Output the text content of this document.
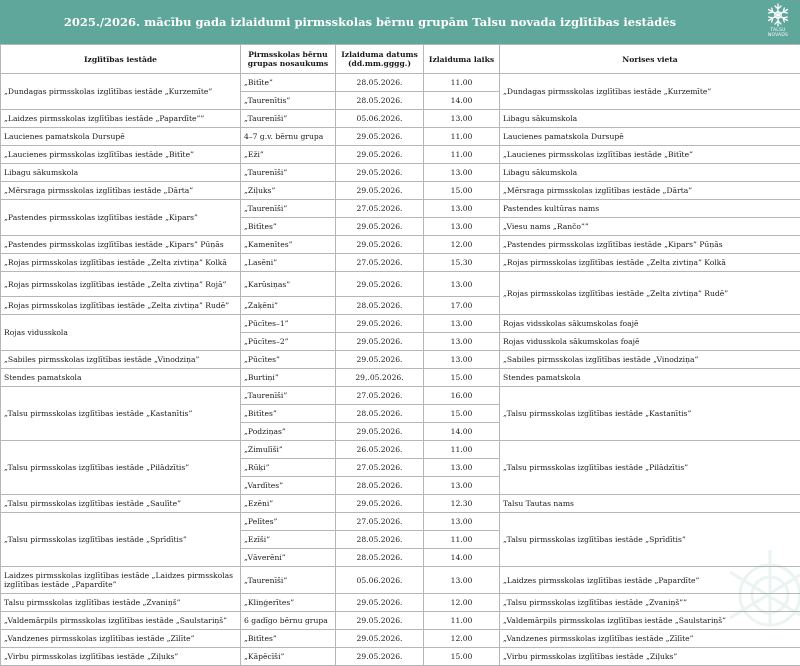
2025./2026. mācību gada izlaidumi pirmsskolas bērnu grupām Talsu novada izglītības iestādēs
TALSU
NOVADS
Izglītības iestāde	Pirmsskolas bērnu grupas nosaukums	Izlaiduma datums (dd.mm.gggg.)	Izlaiduma laiks	Norises vieta
„Dundagas pirmsskolas izglītības iestāde „Kurzemīte”	„Bitīte”	28.05.2026.	11.00	„Dundagas pirmsskolas izglītības iestāde „Kurzemīte”
	„Taurenītis”	28.05.2026.	14.00	
„Laidzes pirmsskolas izglītības iestāde „Papardīte””	„Taurenīši”	05.06.2026.	13.00	Libagu sākumskola
Laucienes pamatskola Dursupē	4–7 g.v. bērnu grupa	29.05.2026.	11.00	Laucienes pamatskola Dursupē
„Laucienes pirmsskolas izglītības iestāde „Bitīte”	„Eži”	29.05.2026.	11.00	„Laucienes pirmsskolas izglītības iestāde „Bitīte”
Libagu sākumskola	„Taurenīši”	29.05.2026.	13.00	Libagu sākumskola
„Mērsraga pirmsskolas izglītības iestāde „Dārta”	„Ziļuks”	29.05.2026.	15.00	„Mērsraga pirmsskolas izglītības iestāde „Dārta”
„Pastendes pirmsskolas izglītības iestāde „Kipars”	„Taurenīši”	27.05.2026.	13.00	Pastendes kultūras nams
	„Bitītes”	29.05.2026.	13.00	„Viesu nams „Rančo””
„Pastendes pirmsskolas izglītības iestāde „Kipars” Pūņās	„Kamenītes”	29.05.2026.	12.00	„Pastendes pirmsskolas izglītības iestāde „Kipars” Pūņās
„Rojas pirmsskolas izglītības iestāde „Zelta zivtiņa” Kolkā	„Lasēni”	27.05.2026.	15.30	„Rojas pirmsskolas izglītības iestāde „Zelta zivtiņa” Kolkā
„Rojas pirmsskolas izglītības iestāde „Zelta zivtiņa” Rojā”	„Karūsiņas”	29.05.2026.	13.00	„Rojas pirmsskolas izglītības iestāde „Zelta zivtiņa” Rudē”
„Rojas pirmsskolas izglītības iestāde „Zelta zivtiņa” Rudē”	„Zaķēni”	28.05.2026.	17.00	
Rojas vidusskola	„Pūcītes–1”	29.05.2026.	13.00	Rojas vidsskolas sākumskolas foajē
	„Pūcītes–2”	29.05.2026.	13.00	Rojas vidusskola sākumskolas foajē
„Sabiles pirmsskolas izglītības iestāde „Vinodziņa”	„Pūcītes”	29.05.2026.	13.00	„Sabiles pirmsskolas izglītības iestāde „Vinodziņa”
Stendes pamatskola	„Burtiņi”	29,.05.2026.	15.00	Stendes pamatskola
„Talsu pirmsskolas izglītības iestāde „Kastanītis”	„Taurenīši”	27.05.2026.	16.00	„Talsu pirmsskolas izglītības iestāde „Kastanītis”
	„Bitītes”	28.05.2026.	15.00	
	„Podziņas”	29.05.2026.	14.00	
„Talsu pirmsskolas izglītības iestāde „Pilādzītis”	„Zimulīši”	26.05.2026.	11.00	„Talsu pirmsskolas izglītības iestāde „Pilādzītis”
	„Rūķi”	27.05.2026.	13.00	
	„Vardītes”	28.05.2026.	13.00	
„Talsu pirmsskolas izglītības iestāde „Saulīte”	„Ezēni”	29.05.2026.	12.30	Talsu Tautas nams
„Talsu pirmsskolas izglītības iestāde „Sprīdītis”	„Pelītes”	27.05.2026.	13.00	„Talsu pirmsskolas izglītības iestāde „Sprīdītis”
	„Ezīši”	28.05.2026.	11.00	
	„Vāverēni”	28.05.2026.	14.00	
Laidzes pirmsskolas izglītības iestāde „Laidzes pirmsskolas izglītības iestāde „Papardīte”	„Taurenīši”	05.06.2026.	13.00	„Laidzes pirmsskolas izglītības iestāde „Papardīte”
Talsu pirmsskolas izglītības iestāde „Zvaniņš”	„Kliņģerītes”	29.05.2026.	12.00	„Talsu pirmsskolas izglītības iestāde „Zvaniņš””
„Valdemārpils pirmsskolas izglītības iestāde „Saulstariņš”	6 gadīgo bērnu grupa	29.05.2026.	11.00	„Valdemārpils pirmsskolas izglītības iestāde „Saulstariņš”
„Vandzenes pirmsskolas izglītības iestāde „Zīlīte”	„Bitītes”	29.05.2026.	12.00	„Vandzenes pirmsskolas izglītības iestāde „Zīlīte”
„Virbu pirmsskolas izglītības iestāde „Ziļuks”	„Kāpēcīši”	29.05.2026.	15.00	„Virbu pirmsskolas izglītības iestāde „Ziļuks”
